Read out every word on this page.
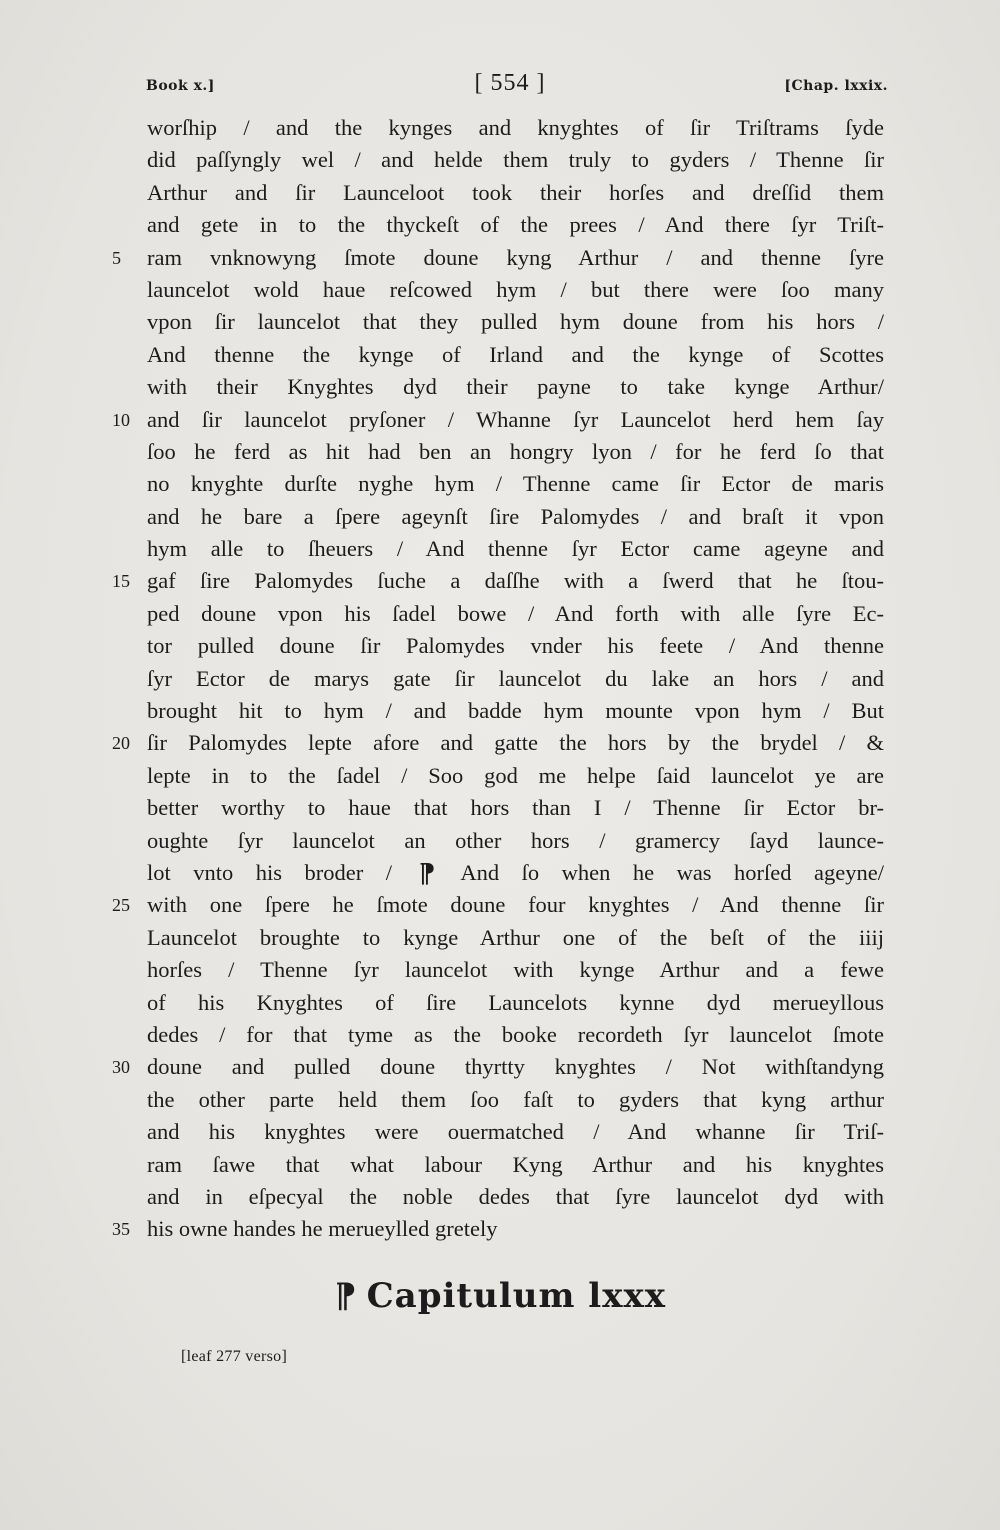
Book x.]	[ 554 ]	[Chap. lxxix.
worſhip / and the kynges and knyghtes of ſir Triſtrams ſyde
did paſſyngly wel / and helde them truly to gyders / Thenne ſir
Arthur and ſir Launceloot took their horſes and dreſſid them
and gete in to the thyckeſt of the prees / And there ſyr Triſt-
5	ram vnknowyng ſmote doune kyng Arthur / and thenne ſyre
launcelot wold haue reſcowed hym / but there were ſoo many
vpon ſir launcelot that they pulled hym doune from his hors /
And thenne the kynge of Irland and the kynge of Scottes
with their Knyghtes dyd their payne to take kynge Arthur/
10 and ſir launcelot pryſoner / Whanne ſyr Launcelot herd hem ſay
ſoo he ferd as hit had ben an hongry lyon / for he ferd ſo that
no knyghte durſte nyghe hym / Thenne came ſir Ector de maris
and he bare a ſpere ageynſt ſire Palomydes / and braſt it vpon
hym alle to ſheuers / And thenne ſyr Ector came ageyne and
15 gaf ſire Palomydes ſuche a daſſhe with a ſwerd that he ſtou-
ped doune vpon his ſadel bowe / And forth with alle ſyre Ec-
tor pulled doune ſir Palomydes vnder his feete / And thenne
ſyr Ector de marys gate ſir launcelot du lake an hors / and
brought hit to hym / and badde hym mounte vpon hym / But
20 ſir Palomydes lepte afore and gatte the hors by the brydel / &
lepte in to the ſadel / Soo god me helpe ſaid launcelot ye are
better worthy to haue that hors than I / Thenne ſir Ector br-
oughte ſyr launcelot an other hors / gramercy ſayd launce-
lot vnto his broder / ¶ And ſo when he was horſed ageyne/
25 with one ſpere he ſmote doune four knyghtes / And thenne ſir
Launcelot broughte to kynge Arthur one of the beſt of the iiij
horſes / Thenne ſyr launcelot with kynge Arthur and a fewe
of his Knyghtes of ſire Launcelots kynne dyd merueyllous
dedes / for that tyme as the booke recordeth ſyr launcelot ſmote
30 doune and pulled doune thyrtty knyghtes / Not withſtandyng
the other parte held them ſoo faſt to gyders that kyng arthur
and his knyghtes were ouermatched / And whanne ſir Triſ-
ram ſawe that what labour Kyng Arthur and his knyghtes
and in eſpecyal the noble dedes that ſyre launcelot dyd with
35 his owne handes he merueylled gretely
¶ Capitulum lxxx
[leaf 277 verso]
